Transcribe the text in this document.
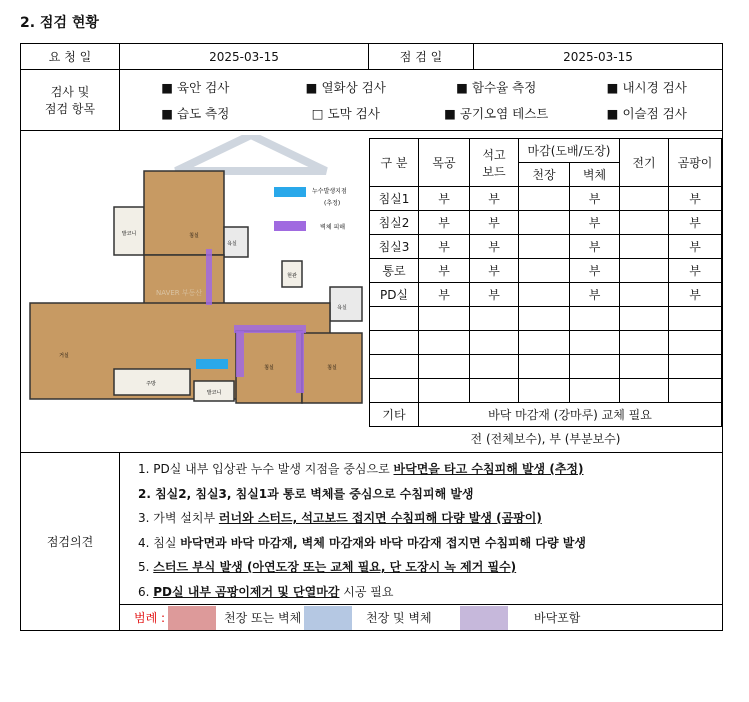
2. 점검 현황
요 청 일	2025-03-15	점 검 일	2025-03-15

검사 및
점검 항목

■ 육안 검사	■ 열화상 검사	■ 함수율 측정	■ 내시경 검사
■ 습도 측정	□ 도막 검사	■ 공기오염 테스트	■ 이슬점 검사

발코니	침실
욕실
현관
욕실
거실
주방
발코니
침실	침실
NAVER 부동산
누수발생지점
(추정)
벽체 피해
구 분	목공	
석고
보드
	마감(도배/도장)	전기	곰팡이
천장	벽체
침실1	부	부		부		부
침실2	부	부		부		부
침실3	부	부		부		부
통로	부	부		부		부
PD실	부	부		부		부

기타	바닥 마감재 (강마루) 교체 필요
전 (전체보수), 부 (부분보수)

점검의견	
1. PD실 내부 입상관 누수 발생 지점을 중심으로 바닥면을 타고 수침피해 발생 (추정)
2. 침실2, 침실3, 침실1과 통로 벽체를 중심으로 수침피해 발생
3. 가벽 설치부 러너와 스터드, 석고보드 접지면 수침피해 다량 발생 (곰팡이)
4. 침실 바닥면과 바닥 마감재, 벽체 마감재와 바닥 마감재 접지면 수침피해 다량 발생
5. 스터드 부식 발생 (아연도장 또는 교체 필요, 단 도장시 녹 제거 필수)
6. PD실 내부 곰팡이제거 및 단열마감 시공 필요
범례 :	천장 또는 벽체	천장 및 벽체	바닥포함
